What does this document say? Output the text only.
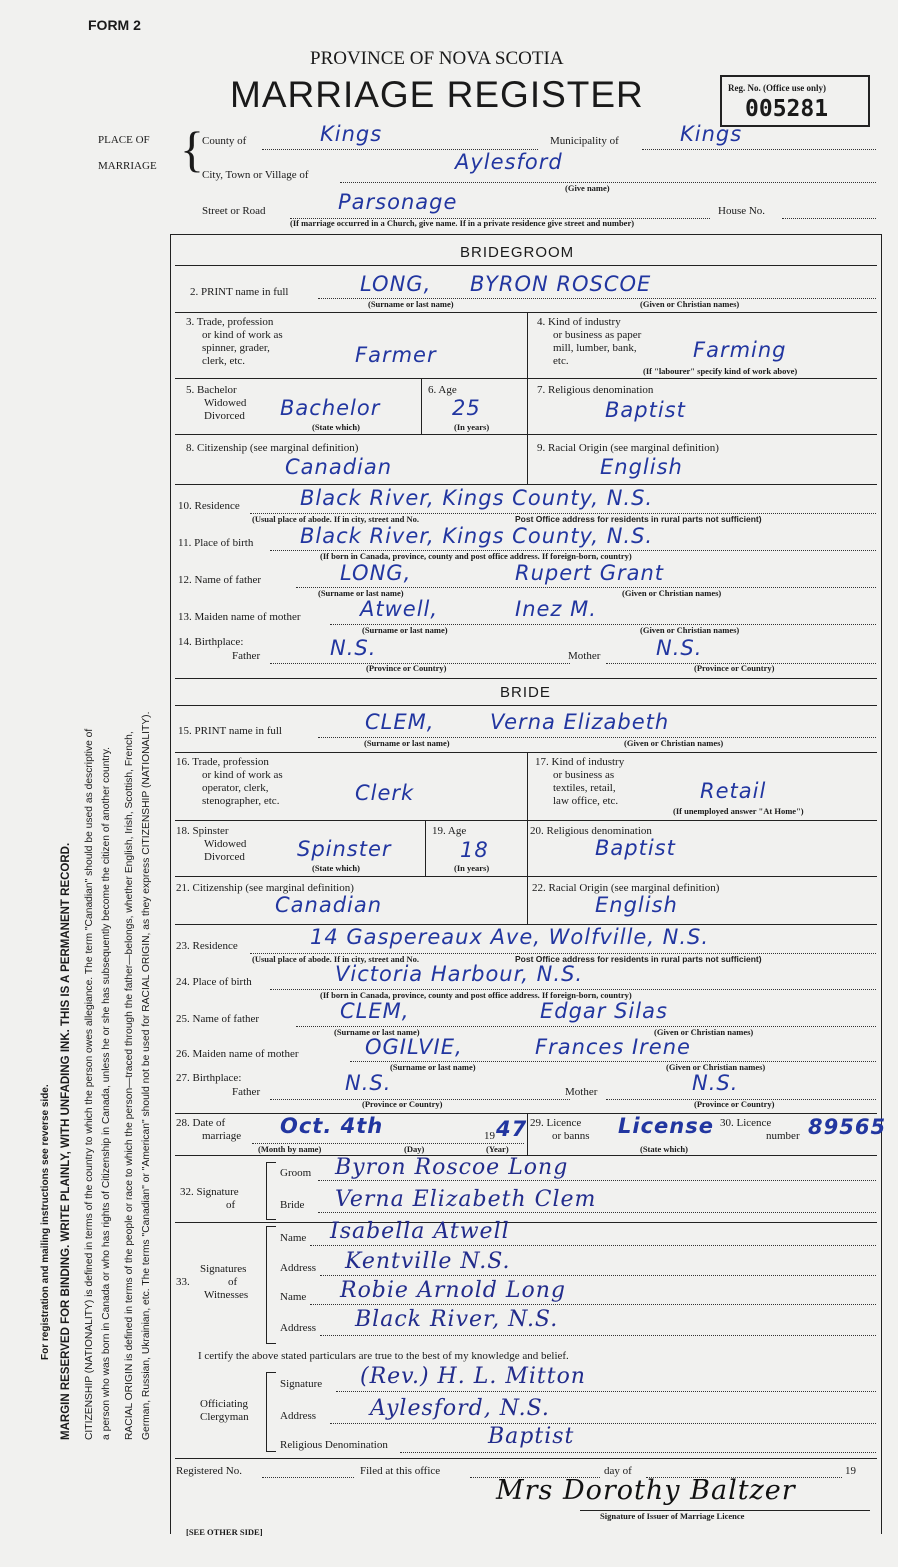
FORM 2
PROVINCE OF NOVA SCOTIA
MARRIAGE REGISTER	Reg. No. (Office use only)
005281
For registration and mailing instructions see reverse side. MARGIN RESERVED FOR BINDING. WRITE PLAINLY, WITH UNFADING INK. THIS IS A PERMANENT RECORD. CITIZENSHIP (NATIONALITY) is defined in terms of the country to which the person owes allegiance. The term "Canadian" should be used as descriptive of a person who was born in Canada or who has rights of Citizenship in Canada, unless he or she has subsequently become the citizen of another country. RACIAL ORIGIN is defined in terms of the people or race to which the person—traced through the father—belongs, whether English, Irish, Scottish, French, German, Russian, Ukrainian, etc. The terms "Canadian" or "American" should not be used for RACIAL ORIGIN, as they express CITIZENSHIP (NATIONALITY).
PLACE OF
MARRIAGE {
County of	Kings	Municipality of	Kings
City, Town or Village of
Aylesford
(Give name)
Street or Road	Parsonage	House No.
(If marriage occurred in a Church, give name. If in a private residence give street and number)
BRIDEGROOM
2. PRINT name in full	LONG, BYRON ROSCOE
(Surname or last name)	(Given or Christian names)
3. Trade, profession
or kind of work as
spinner, grader,
clerk, etc.	Farmer
4. Kind of industry
or business as paper
mill, lumber, bank,
etc.	Farming
(If "labourer" specify kind of work above)
5. Bachelor
Widowed
Divorced Bachelor
(State which)
6. Age
25
(In years)
7. Religious denomination
Baptist
8. Citizenship (see marginal definition)
Canadian
9. Racial Origin (see marginal definition)
English
10. Residence	Black River, Kings County, N.S.
(Usual place of abode. If in city, street and No.	Post Office address for residents in rural parts not sufficient)
11. Place of birth Black River, Kings County, N.S.
(If born in Canada, province, county and post office address. If foreign-born, country)
12. Name of father	LONG,	Rupert Grant
(Surname or last name)	(Given or Christian names)
13. Maiden name of mother	Atwell,	Inez M.
(Surname or last name)	(Given or Christian names)
14. Birthplace:
Father	N.S.	Mother	N.S.
(Province or Country)	(Province or Country)
BRIDE
15. PRINT name in full	CLEM,	Verna Elizabeth
(Surname or last name)	(Given or Christian names)
16. Trade, profession
or kind of work as
operator, clerk,
stenographer, etc.	Clerk
17. Kind of industry
or business as
textiles, retail,
law office, etc.	Retail
(If unemployed answer "At Home")
18. Spinster
Widowed
Divorced Spinster
(State which)
19. Age
18
(In years)
20. Religious denomination
Baptist
21. Citizenship (see marginal definition)
Canadian
22. Racial Origin (see marginal definition)
English
23. Residence	14 Gaspereaux Ave, Wolfville, N.S.
(Usual place of abode. If in city, street and No.	Post Office address for residents in rural parts not sufficient)
24. Place of birth	Victoria Harbour, N.S.
(If born in Canada, province, county and post office address. If foreign-born, country)
25. Name of father	CLEM,	Edgar Silas
(Surname or last name)	(Given or Christian names)
26. Maiden name of mother	OGILVIE,	Frances Irene
(Surname or last name)	(Given or Christian names)
27. Birthplace:
Father	N.S.	Mother	N.S.
(Province or Country)	(Province or Country)
28. Date of
marriage Oct. 4th	19 47
(Month by name)	(Day)	(Year)
29. Licence
or banns License
(State which)
30. Licence
number 89565
32. Signature
of
Groom Byron Roscoe Long
Bride Verna Elizabeth Clem
33.
Signatures
of
Witnesses
Name Isabella Atwell
Address Kentville N.S.
Name Robie Arnold Long
Address Black River, N.S.
I certify the above stated particulars are true to the best of my knowledge and belief.
Officiating
Clergyman
Signature (Rev.) H. L. Mitton
Address Aylesford, N.S.
Religious Denomination	Baptist
Registered No.	Filed at this office	day of	19
Mrs Dorothy Baltzer
Signature of Issuer of Marriage Licence
[SEE OTHER SIDE]
